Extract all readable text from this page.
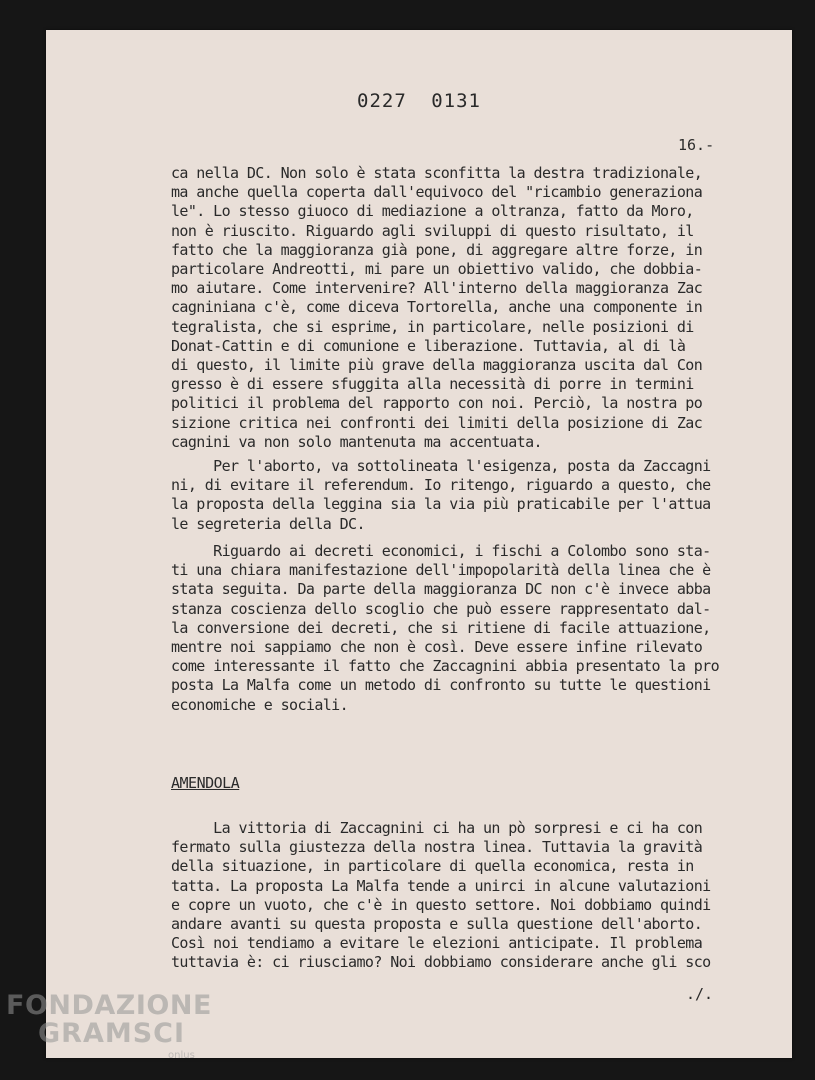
0227 0131
16.-
ca nella DC. Non solo è stata sconfitta la destra tradizionale,
ma anche quella coperta dall'equivoco del "ricambio generaziona
le". Lo stesso giuoco di mediazione a oltranza, fatto da Moro,
non è riuscito. Riguardo agli sviluppi di questo risultato, il
fatto che la maggioranza già pone, di aggregare altre forze, in
particolare Andreotti, mi pare un obiettivo valido, che dobbia-
mo aiutare. Come intervenire? All'interno della maggioranza Zac
cagniniana c'è, come diceva Tortorella, anche una componente in
tegralista, che si esprime, in particolare, nelle posizioni di
Donat-Cattin e di comunione e liberazione. Tuttavia, al di là
di questo, il limite più grave della maggioranza uscita dal Con
gresso è di essere sfuggita alla necessità di porre in termini
politici il problema del rapporto con noi. Perciò, la nostra po
sizione critica nei confronti dei limiti della posizione di Zac
cagnini va non solo mantenuta ma accentuata.
Per l'aborto, va sottolineata l'esigenza, posta da Zaccagni
ni, di evitare il referendum. Io ritengo, riguardo a questo, che
la proposta della leggina sia la via più praticabile per l'attua
le segreteria della DC.
Riguardo ai decreti economici, i fischi a Colombo sono sta-
ti una chiara manifestazione dell'impopolarità della linea che è
stata seguita. Da parte della maggioranza DC non c'è invece abba
stanza coscienza dello scoglio che può essere rappresentato dal-
la conversione dei decreti, che si ritiene di facile attuazione,
mentre noi sappiamo che non è così. Deve essere infine rilevato
come interessante il fatto che Zaccagnini abbia presentato la pro
posta La Malfa come un metodo di confronto su tutte le questioni
economiche e sociali.
AMENDOLA
La vittoria di Zaccagnini ci ha un pò sorpresi e ci ha con
fermato sulla giustezza della nostra linea. Tuttavia la gravità
della situazione, in particolare di quella economica, resta in
tatta. La proposta La Malfa tende a unirci in alcune valutazioni
e copre un vuoto, che c'è in questo settore. Noi dobbiamo quindi
andare avanti su questa proposta e sulla questione dell'aborto.
Così noi tendiamo a evitare le elezioni anticipate. Il problema
tuttavia è: ci riusciamo? Noi dobbiamo considerare anche gli sco
./.
FONDAZIONE
GRAMSCI
onlus
